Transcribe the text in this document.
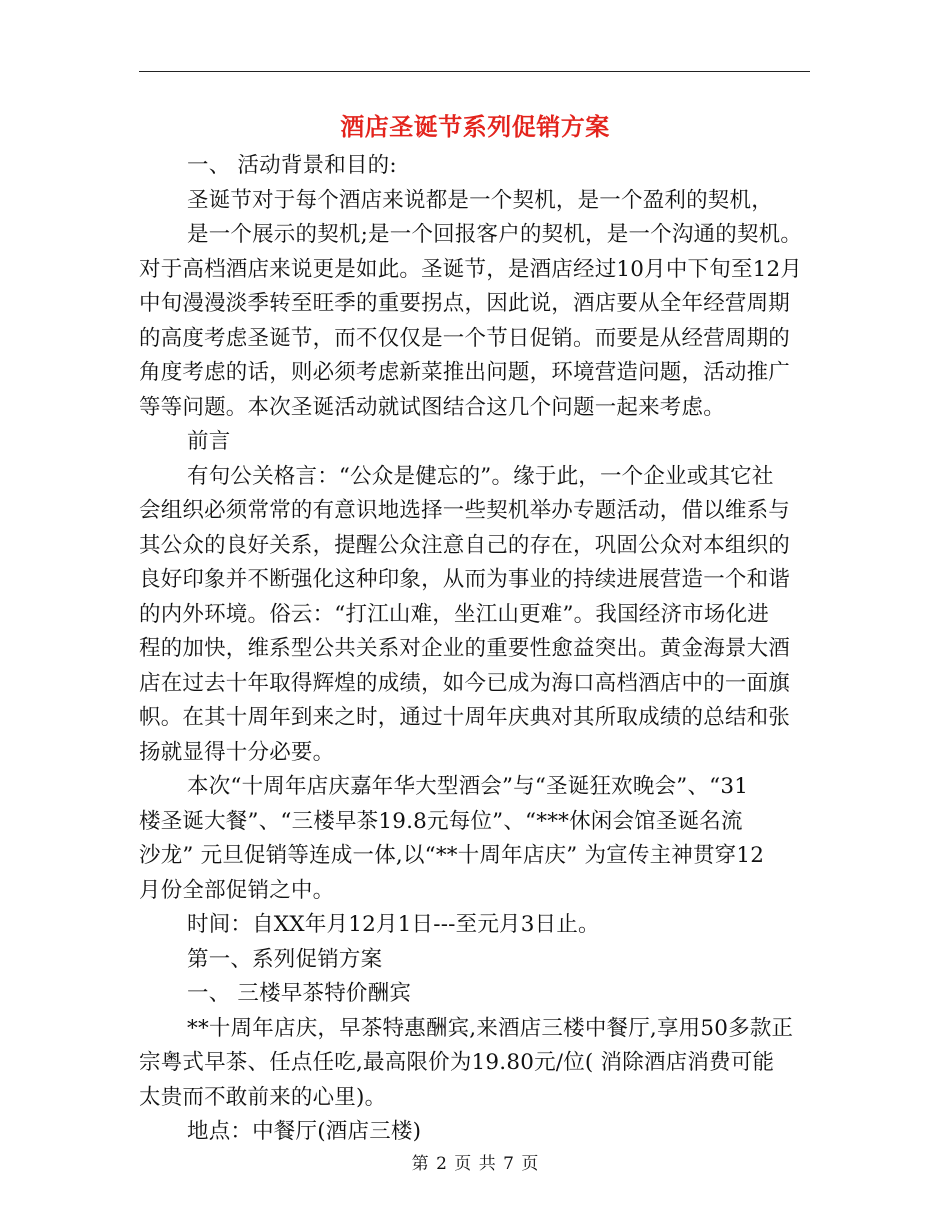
酒店圣诞节系列促销方案
一、 活动背景和目的:
圣诞节对于每个酒店来说都是一个契机，是一个盈利的契机，
是一个展示的契机;是一个回报客户的契机，是一个沟通的契机。
对于高档酒店来说更是如此。圣诞节，是酒店经过10月中下旬至12月
中旬漫漫淡季转至旺季的重要拐点，因此说，酒店要从全年经营周期
的高度考虑圣诞节，而不仅仅是一个节日促销。而要是从经营周期的
角度考虑的话，则必须考虑新菜推出问题，环境营造问题，活动推广
等等问题。本次圣诞活动就试图结合这几个问题一起来考虑。
前言
有句公关格言：“公众是健忘的”。缘于此，一个企业或其它社
会组织必须常常的有意识地选择一些契机举办专题活动，借以维系与
其公众的良好关系，提醒公众注意自己的存在，巩固公众对本组织的
良好印象并不断强化这种印象，从而为事业的持续进展营造一个和谐
的内外环境。俗云：“打江山难，坐江山更难”。我国经济市场化进
程的加快，维系型公共关系对企业的重要性愈益突出。黄金海景大酒
店在过去十年取得辉煌的成绩，如今已成为海口高档酒店中的一面旗
帜。在其十周年到来之时，通过十周年庆典对其所取成绩的总结和张
扬就显得十分必要。
本次“十周年店庆嘉年华大型酒会”与“圣诞狂欢晚会”、“31
楼圣诞大餐”、“三楼早茶19.8元每位”、“***休闲会馆圣诞名流
沙龙” 元旦促销等连成一体,以“**十周年店庆” 为宣传主神贯穿12
月份全部促销之中。
时间：自XX年月12月1日---至元月3日止。
第一、系列促销方案
一、 三楼早茶特价酬宾
**十周年店庆，早茶特惠酬宾,来酒店三楼中餐厅,享用50多款正
宗粤式早茶、任点任吃,最高限价为19.80元/位( 消除酒店消费可能
太贵而不敢前来的心里)。
地点：中餐厅(酒店三楼)
第 2 页 共 7 页
